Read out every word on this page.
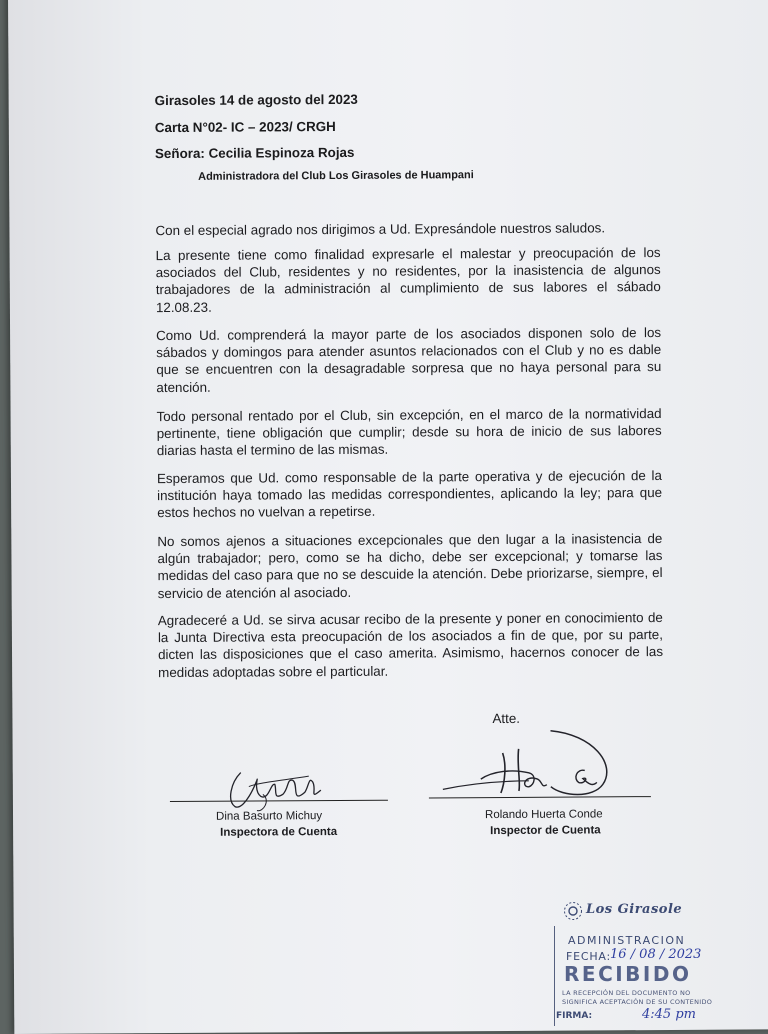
Girasoles 14 de agosto del 2023
Carta N°02- IC – 2023/ CRGH
Señora: Cecilia Espinoza Rojas
Administradora del Club Los Girasoles de Huampani
Con el especial agrado nos dirigimos a Ud. Expresándole nuestros saludos.
La presente tiene como finalidad expresarle el malestar y preocupación de los asociados del Club, residentes y no residentes, por la inasistencia de algunos trabajadores de la administración al cumplimiento de sus labores el sábado 12.08.23.
Como Ud. comprenderá la mayor parte de los asociados disponen solo de los sábados y domingos para atender asuntos relacionados con el Club y no es dable que se encuentren con la desagradable sorpresa que no haya personal para su atención.
Todo personal rentado por el Club, sin excepción, en el marco de la normatividad pertinente, tiene obligación que cumplir; desde su hora de inicio de sus labores diarias hasta el termino de las mismas.
Esperamos que Ud. como responsable de la parte operativa y de ejecución de la institución haya tomado las medidas correspondientes, aplicando la ley; para que estos hechos no vuelvan a repetirse.
No somos ajenos a situaciones excepcionales que den lugar a la inasistencia de algún trabajador; pero, como se ha dicho, debe ser excepcional; y tomarse las medidas del caso para que no se descuide la atención. Debe priorizarse, siempre, el servicio de atención al asociado.
Agradeceré a Ud. se sirva acusar recibo de la presente y poner en conocimiento de la Junta Directiva esta preocupación de los asociados a fin de que, por su parte, dicten las disposiciones que el caso amerita. Asimismo, hacernos conocer de las medidas adoptadas sobre el particular.
Atte.
Dina Basurto Michuy
Inspectora de Cuenta
Rolando Huerta Conde
Inspector de Cuenta
Los Girasole
ADMINISTRACION
FECHA:
16 / 08 / 2023
RECIBIDO
LA RECEPCIÓN DEL DOCUMENTO NO
SIGNIFICA ACEPTACIÓN DE SU CONTENIDO
FIRMA:	4:45 pm
